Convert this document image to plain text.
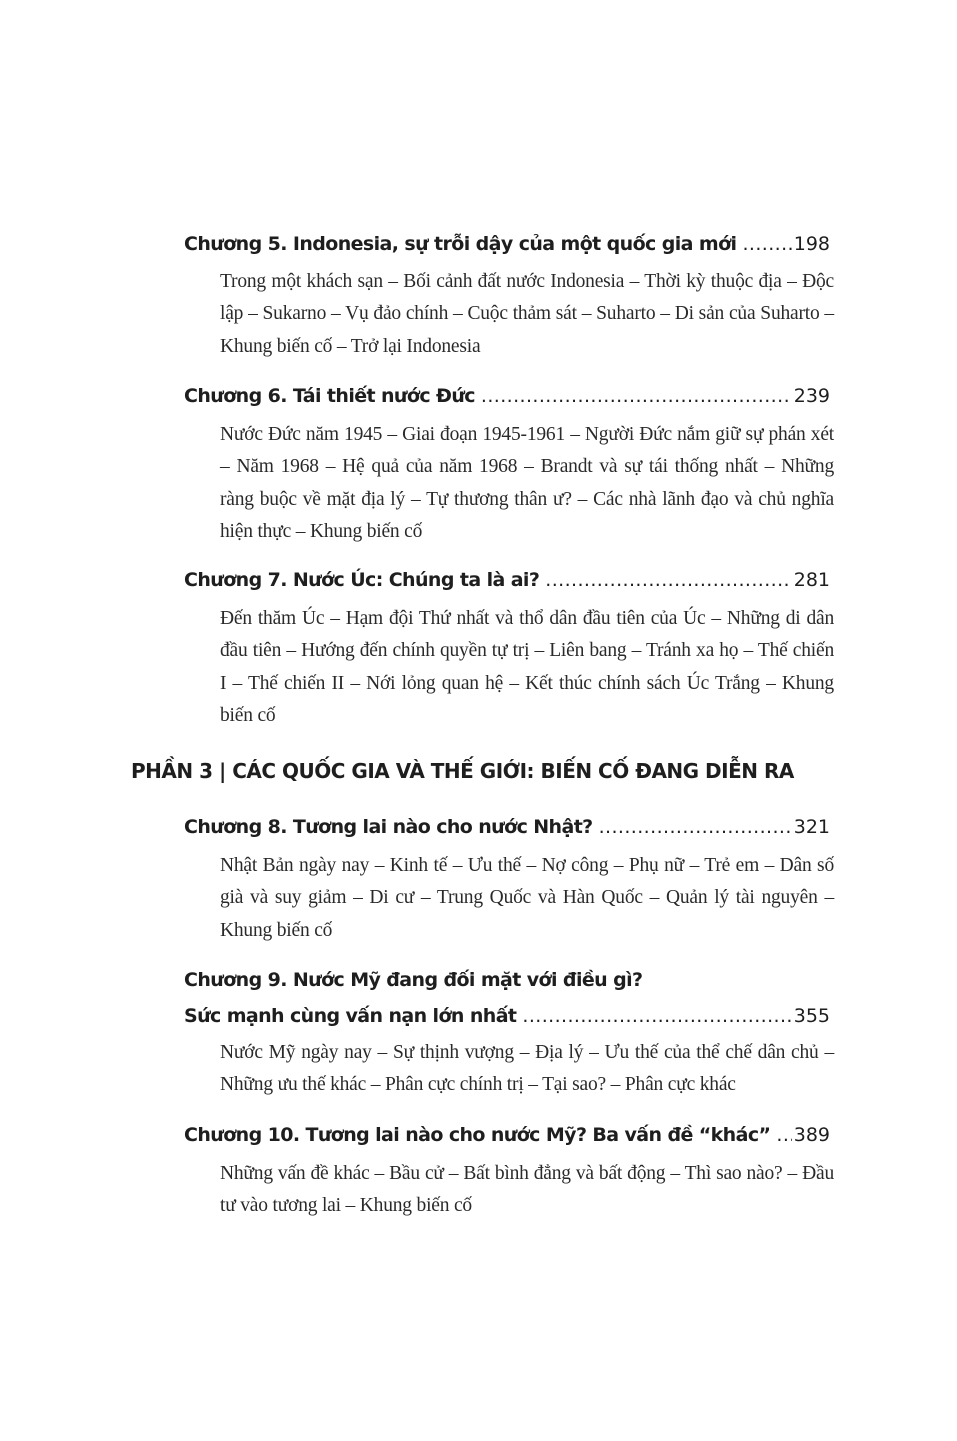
Chương 5. Indonesia, sự trỗi dậy của một quốc gia mới .....	198

Trong một khách sạn – Bối cảnh đất nước Indonesia – Thời kỳ thuộc địa – Độc lập – Sukarno – Vụ đảo chính – Cuộc thảm sát – Suharto – Di sản của Suharto – Khung biến cố – Trở lại Indonesia

Chương 6. Tái thiết nước Đức .....	239

Nước Đức năm 1945 – Giai đoạn 1945-1961 – Người Đức nắm giữ sự phán xét – Năm 1968 – Hệ quả của năm 1968 – Brandt và sự tái thống nhất – Những ràng buộc về mặt địa lý – Tự thương thân ư? – Các nhà lãnh đạo và chủ nghĩa hiện thực – Khung biến cố

Chương 7. Nước Úc: Chúng ta là ai? .....	281

Đến thăm Úc – Hạm đội Thứ nhất và thổ dân đầu tiên của Úc – Những di dân đầu tiên – Hướng đến chính quyền tự trị – Liên bang – Tránh xa họ – Thế chiến I – Thế chiến II – Nới lỏng quan hệ – Kết thúc chính sách Úc Trắng – Khung biến cố

PHẦN 3 | CÁC QUỐC GIA VÀ THẾ GIỚI: BIẾN CỐ ĐANG DIỄN RA
Chương 8. Tương lai nào cho nước Nhật? .....	321

Nhật Bản ngày nay – Kinh tế – Ưu thế – Nợ công – Phụ nữ – Trẻ em – Dân số già và suy giảm – Di cư – Trung Quốc và Hàn Quốc – Quản lý tài nguyên – Khung biến cố

Chương 9. Nước Mỹ đang đối mặt với điều gì?
Sức mạnh cùng vấn nạn lớn nhất .....	355

Nước Mỹ ngày nay – Sự thịnh vượng – Địa lý – Ưu thế của thể chế dân chủ – Những ưu thế khác – Phân cực chính trị – Tại sao? – Phân cực khác

Chương 10. Tương lai nào cho nước Mỹ? Ba vấn đề “khác” ..... 389

Những vấn đề khác – Bầu cử – Bất bình đẳng và bất động – Thì sao nào? – Đầu tư vào tương lai – Khung biến cố
